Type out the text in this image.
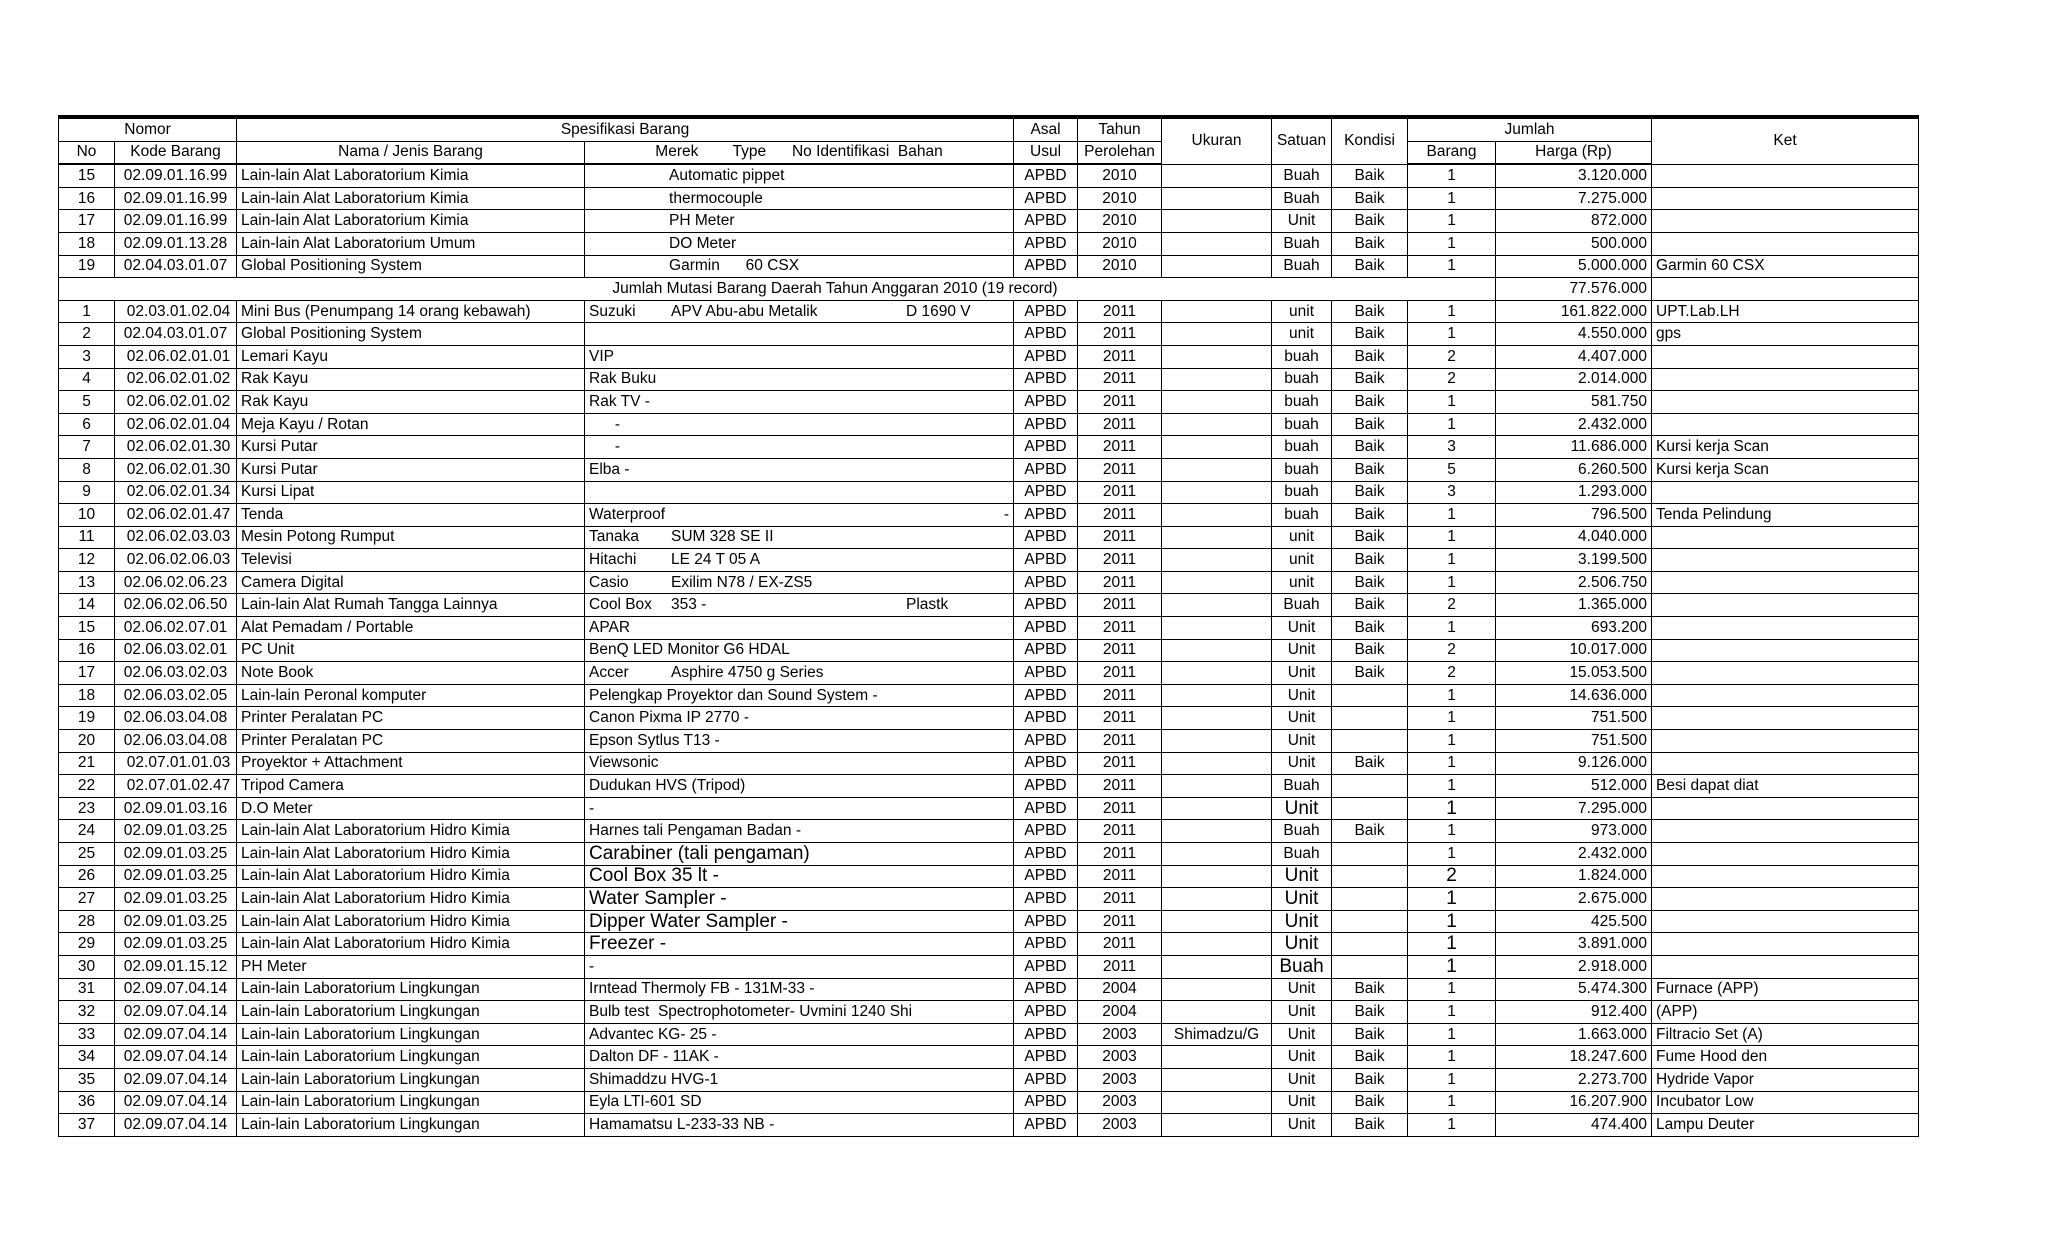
Nomor		Spesifikasi Barang		Asal	Tahun	Ukuran	Satuan	Kondisi	Jumlah		Ket
No	Kode Barang	Nama / Jenis Barang	Merek        Type      No Identifikasi  Bahan	Usul	Perolehan				Barang	Harga (Rp)	
15	02.09.01.16.99	Lain-lain Alat Laboratorium Kimia	Automatic pippet	APBD	2010		Buah	Baik	1	3.120.000	
16	02.09.01.16.99	Lain-lain Alat Laboratorium Kimia	thermocouple	APBD	2010		Buah	Baik	1	7.275.000	
17	02.09.01.16.99	Lain-lain Alat Laboratorium Kimia	PH Meter	APBD	2010		Unit	Baik	1	872.000	
18	02.09.01.13.28	Lain-lain Alat Laboratorium Umum	DO Meter	APBD	2010		Buah	Baik	1	500.000	
19	02.04.03.01.07	Global Positioning System	Garmin      60 CSX	APBD	2010		Buah	Baik	1	5.000.000	Garmin 60 CSX
Jumlah Mutasi Barang Daerah Tahun Anggaran 2010 (19 record)										77.576.000	
1	02.03.01.02.04	Mini Bus (Penumpang 14 orang kebawah)	Suzuki APV Abu-abu Metalik D 1690 V	APBD	2011		unit	Baik	1	161.822.000	UPT.Lab.LH
2	02.04.03.01.07	Global Positioning System		APBD	2011		unit	Baik	1	4.550.000	gps
3	02.06.02.01.01	Lemari Kayu	VIP	APBD	2011		buah	Baik	2	4.407.000	
4	02.06.02.01.02	Rak Kayu	Rak Buku	APBD	2011		buah	Baik	2	2.014.000	
5	02.06.02.01.02	Rak Kayu	Rak TV -	APBD	2011		buah	Baik	1	581.750	
6	02.06.02.01.04	Meja Kayu / Rotan	-	APBD	2011		buah	Baik	1	2.432.000	
7	02.06.02.01.30	Kursi Putar	-	APBD	2011		buah	Baik	3	11.686.000	Kursi kerja Scan
8	02.06.02.01.30	Kursi Putar	Elba -	APBD	2011		buah	Baik	5	6.260.500	Kursi kerja Scan
9	02.06.02.01.34	Kursi Lipat		APBD	2011		buah	Baik	3	1.293.000	
10	02.06.02.01.47	Tenda	Waterproof -	APBD	2011		buah	Baik	1	796.500	Tenda Pelindung
11	02.06.02.03.03	Mesin Potong Rumput	Tanaka SUM 328 SE II	APBD	2011		unit	Baik	1	4.040.000	
12	02.06.02.06.03	Televisi	Hitachi LE 24 T 05 A	APBD	2011		unit	Baik	1	3.199.500	
13	02.06.02.06.23	Camera Digital	Casio Exilim N78 / EX-ZS5	APBD	2011		unit	Baik	1	2.506.750	
14	02.06.02.06.50	Lain-lain Alat Rumah Tangga Lainnya	Cool Box 353 - Plastk	APBD	2011		Buah	Baik	2	1.365.000	
15	02.06.02.07.01	Alat Pemadam / Portable	APAR	APBD	2011		Unit	Baik	1	693.200	
16	02.06.03.02.01	PC Unit	BenQ LED Monitor G6 HDAL	APBD	2011		Unit	Baik	2	10.017.000	
17	02.06.03.02.03	Note Book	Accer Asphire 4750 g Series	APBD	2011		Unit	Baik	2	15.053.500	
18	02.06.03.02.05	Lain-lain Peronal komputer	Pelengkap Proyektor dan Sound System -	APBD	2011		Unit		1	14.636.000	
19	02.06.03.04.08	Printer Peralatan PC	Canon Pixma IP 2770 -	APBD	2011		Unit		1	751.500	
20	02.06.03.04.08	Printer Peralatan PC	Epson Sytlus T13 -	APBD	2011		Unit		1	751.500	
21	02.07.01.01.03	Proyektor + Attachment	Viewsonic	APBD	2011		Unit	Baik	1	9.126.000	
22	02.07.01.02.47	Tripod Camera	Dudukan HVS (Tripod)	APBD	2011		Buah		1	512.000	Besi dapat diat
23	02.09.01.03.16	D.O Meter	-	APBD	2011		Unit		1	7.295.000	
24	02.09.01.03.25	Lain-lain Alat Laboratorium Hidro Kimia	Harnes tali Pengaman Badan -	APBD	2011		Buah	Baik	1	973.000	
25	02.09.01.03.25	Lain-lain Alat Laboratorium Hidro Kimia	Carabiner (tali pengaman)	APBD	2011		Buah		1	2.432.000	
26	02.09.01.03.25	Lain-lain Alat Laboratorium Hidro Kimia	Cool Box 35 lt -	APBD	2011		Unit		2	1.824.000	
27	02.09.01.03.25	Lain-lain Alat Laboratorium Hidro Kimia	Water Sampler -	APBD	2011		Unit		1	2.675.000	
28	02.09.01.03.25	Lain-lain Alat Laboratorium Hidro Kimia	Dipper Water Sampler -	APBD	2011		Unit		1	425.500	
29	02.09.01.03.25	Lain-lain Alat Laboratorium Hidro Kimia	Freezer -	APBD	2011		Unit		1	3.891.000	
30	02.09.01.15.12	PH Meter	-	APBD	2011		Buah		1	2.918.000	
31	02.09.07.04.14	Lain-lain Laboratorium Lingkungan	Irntead Thermoly FB - 131M-33 -	APBD	2004		Unit	Baik	1	5.474.300	Furnace (APP)
32	02.09.07.04.14	Lain-lain Laboratorium Lingkungan	Bulb test  Spectrophotometer- Uvmini 1240 Shi	APBD	2004		Unit	Baik	1	912.400	(APP)
33	02.09.07.04.14	Lain-lain Laboratorium Lingkungan	Advantec KG- 25 -	APBD	2003	Shimadzu/G	Unit	Baik	1	1.663.000	Filtracio Set (A)
34	02.09.07.04.14	Lain-lain Laboratorium Lingkungan	Dalton DF - 11AK -	APBD	2003		Unit	Baik	1	18.247.600	Fume Hood den
35	02.09.07.04.14	Lain-lain Laboratorium Lingkungan	Shimaddzu HVG-1	APBD	2003		Unit	Baik	1	2.273.700	Hydride Vapor
36	02.09.07.04.14	Lain-lain Laboratorium Lingkungan	Eyla LTI-601 SD	APBD	2003		Unit	Baik	1	16.207.900	Incubator Low
37	02.09.07.04.14	Lain-lain Laboratorium Lingkungan	Hamamatsu L-233-33 NB -	APBD	2003		Unit	Baik	1	474.400	Lampu Deuter
